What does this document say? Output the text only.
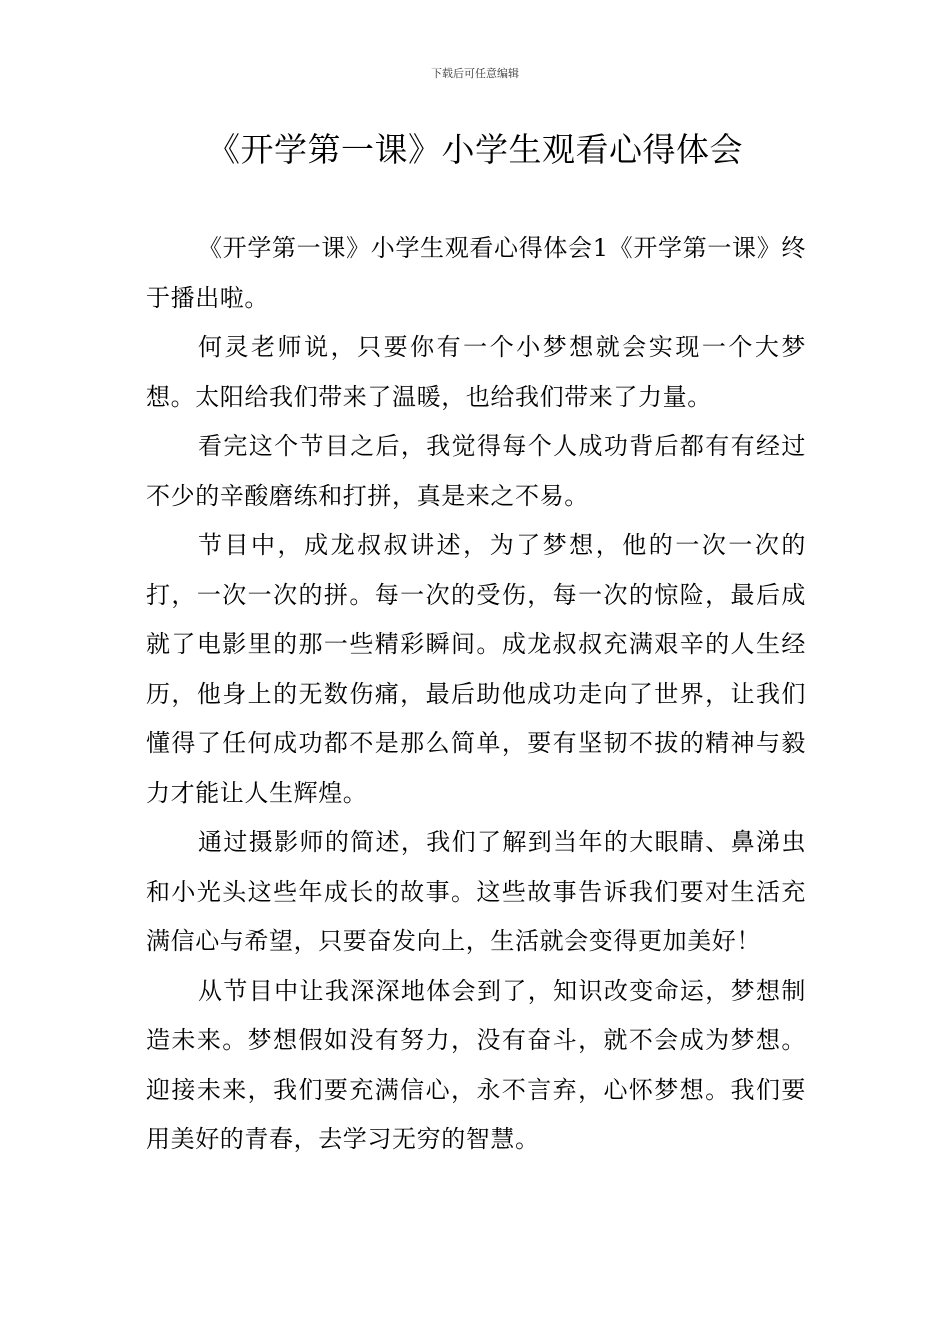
下载后可任意编辑
《开学第一课》小学生观看心得体会

《开学第一课》小学生观看心得体会1《开学第一课》终于播出啦。

何灵老师说，只要你有一个小梦想就会实现一个大梦想。太阳给我们带来了温暖，也给我们带来了力量。

看完这个节目之后，我觉得每个人成功背后都有有经过不少的辛酸磨练和打拼，真是来之不易。

节目中，成龙叔叔讲述，为了梦想，他的一次一次的打，一次一次的拼。每一次的受伤，每一次的惊险，最后成就了电影里的那一些精彩瞬间。成龙叔叔充满艰辛的人生经历，他身上的无数伤痛，最后助他成功走向了世界，让我们懂得了任何成功都不是那么简单，要有坚韧不拔的精神与毅力才能让人生辉煌。

通过摄影师的简述，我们了解到当年的大眼睛、鼻涕虫和小光头这些年成长的故事。这些故事告诉我们要对生活充满信心与希望，只要奋发向上，生活就会变得更加美好！

从节目中让我深深地体会到了，知识改变命运，梦想制造未来。梦想假如没有努力，没有奋斗，就不会成为梦想。迎接未来，我们要充满信心，永不言弃，心怀梦想。我们要用美好的青春，去学习无穷的智慧。
